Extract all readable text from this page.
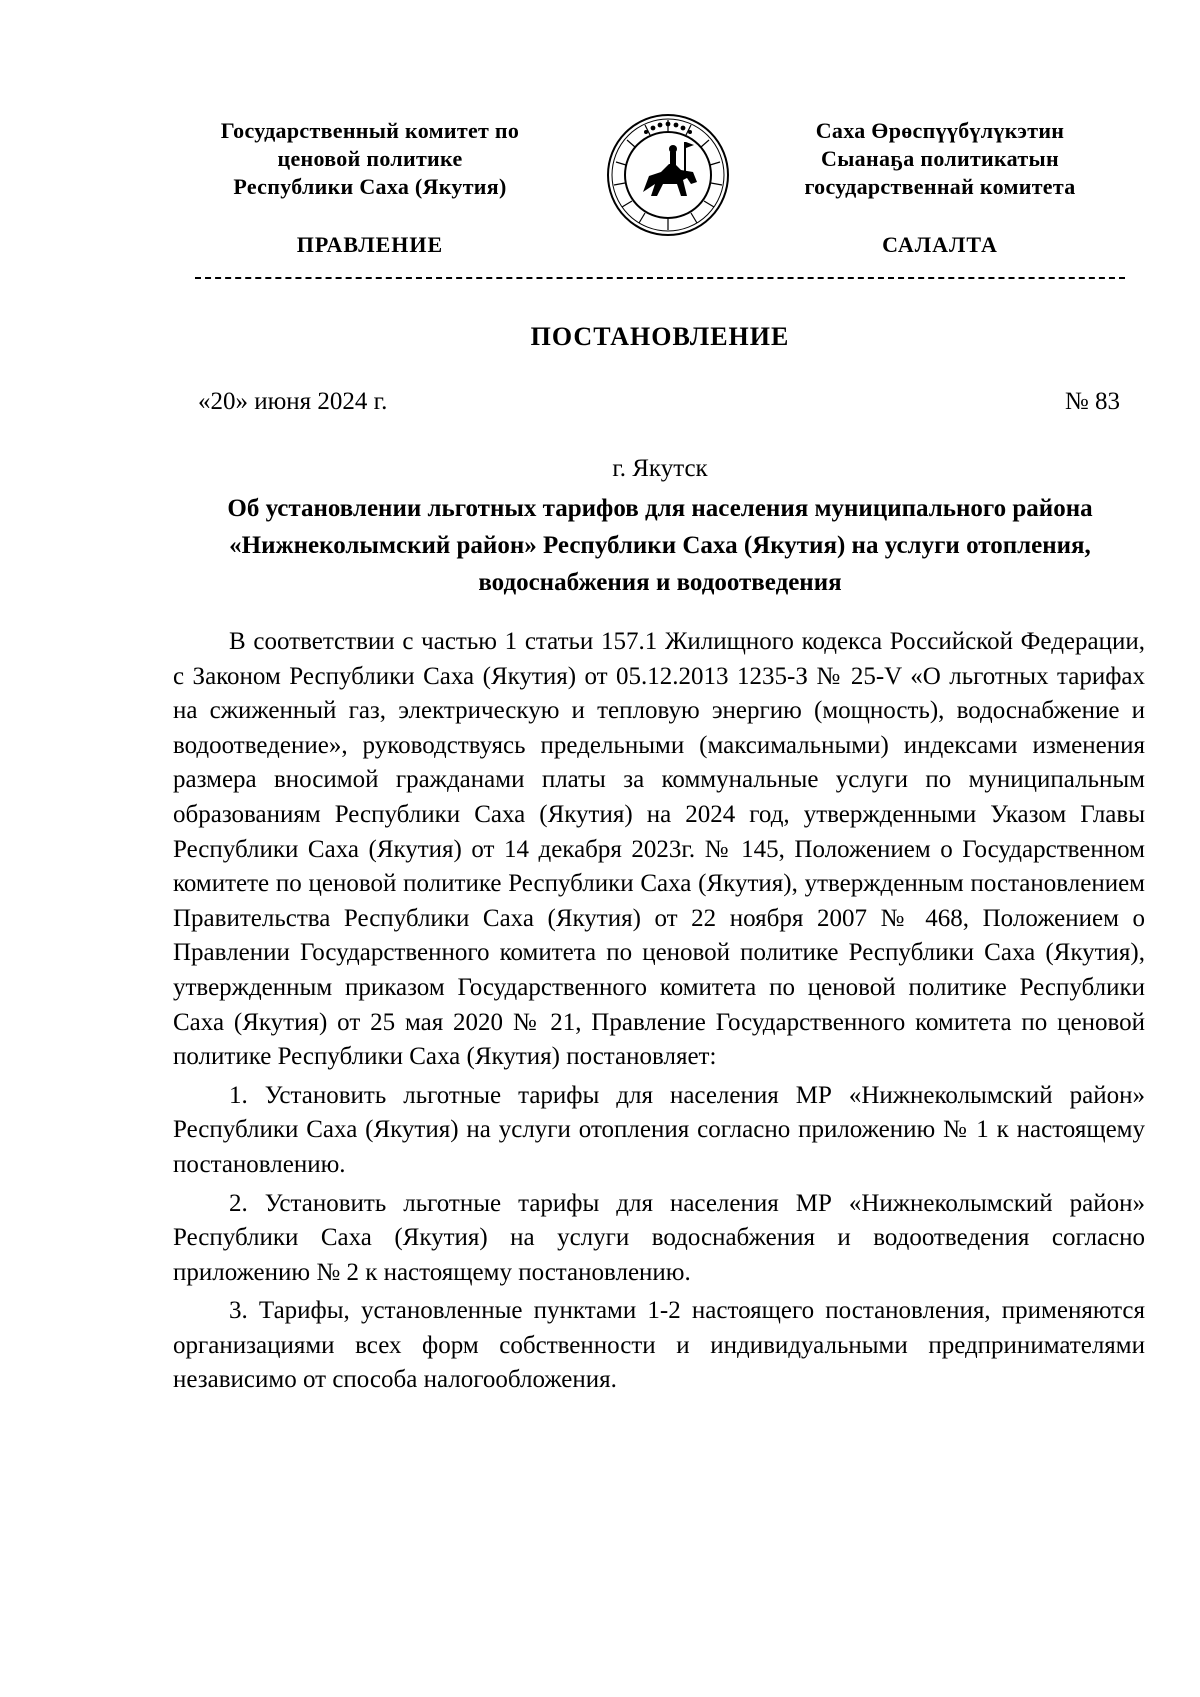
Государственный комитет по
ценовой политике
Республики Саха (Якутия)
Саха Өрөспүүбүлүкэтин
Сыанаҕа политикатын
государственнай комитета
ПРАВЛЕНИЕ	САЛАЛТА
ПОСТАНОВЛЕНИЕ
«20» июня 2024 г.	№ 83
г. Якутск
Об установлении льготных тарифов для населения муниципального района «Нижнеколымский район» Республики Саха (Якутия) на услуги отопления, водоснабжения и водоотведения

В соответствии с частью 1 статьи 157.1 Жилищного кодекса Российской Федерации, с Законом Республики Саха (Якутия) от 05.12.2013 1235-З № 25-V «О льготных тарифах на сжиженный газ, электрическую и тепловую энергию (мощность), водоснабжение и водоотведение», руководствуясь предельными (максимальными) индексами изменения размера вносимой гражданами платы за коммунальные услуги по муниципальным образованиям Республики Саха (Якутия) на 2024 год, утвержденными Указом Главы Республики Саха (Якутия) от 14 декабря 2023г. № 145, Положением о Государственном комитете по ценовой политике Республики Саха (Якутия), утвержденным постановлением Правительства Республики Саха (Якутия) от 22 ноября 2007 № 468, Положением о Правлении Государственного комитета по ценовой политике Республики Саха (Якутия), утвержденным приказом Государственного комитета по ценовой политике Республики Саха (Якутия) от 25 мая 2020 № 21, Правление Государственного комитета по ценовой политике Республики Саха (Якутия) постановляет:

1. Установить льготные тарифы для населения МР «Нижнеколымский район» Республики Саха (Якутия) на услуги отопления согласно приложению № 1 к настоящему постановлению.

2. Установить льготные тарифы для населения МР «Нижнеколымский район» Республики Саха (Якутия) на услуги водоснабжения и водоотведения согласно приложению № 2 к настоящему постановлению.

3. Тарифы, установленные пунктами 1-2 настоящего постановления, применяются организациями всех форм собственности и индивидуальными предпринимателями независимо от способа налогообложения.
